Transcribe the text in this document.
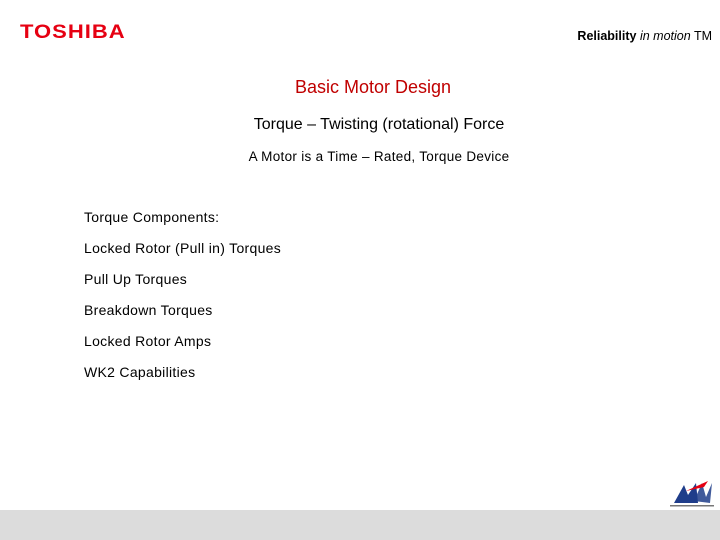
TOSHIBA	Reliability in motion TM
Basic Motor Design
Torque – Twisting (rotational) Force
A Motor is a Time – Rated, Torque Device
Torque Components:
Locked Rotor (Pull in) Torques
Pull Up Torques
Breakdown Torques
Locked Rotor Amps
WK2 Capabilities
